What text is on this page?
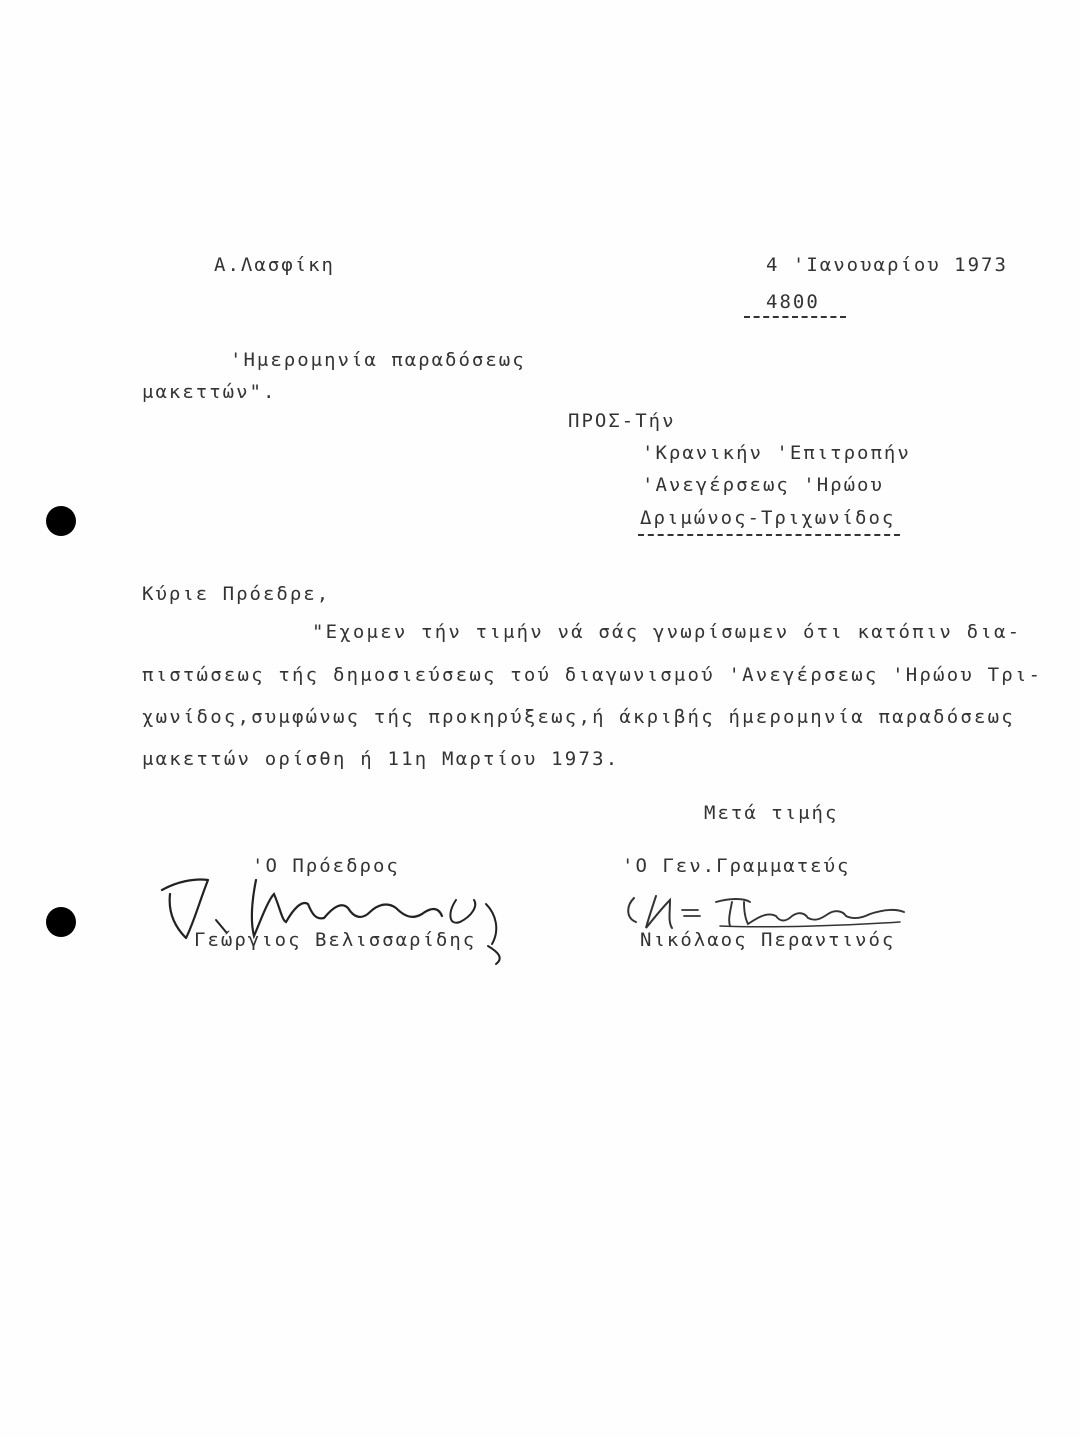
Α.Λασφίκη	4 'Ιανουαρίου 1973
4800
'Ημερομηνία παραδόσεως
μακεττών".
ΠΡΟΣ-Τήν
'Κρανικήν 'Επιτροπήν
'Ανεγέρσεως 'Ηρώου
Δριμώνος-Τριχωνίδος
Κύριε Πρόεδρε,
"Εχομεν τήν τιμήν νά σάς γνωρίσωμεν ότι κατόπιν δια-
πιστώσεως τής δημοσιεύσεως τού διαγωνισμού 'Ανεγέρσεως 'Ηρώου Τρι-
χωνίδος,συμφώνως τής προκηρύξεως,ή άκριβής ήμερομηνία παραδόσεως
μακεττών ορίσθη ή 11η Μαρτίου 1973.
Μετά τιμής
'Ο Πρόεδρος	'Ο Γεν.Γραμματεύς
Γεώργιος Βελισσαρίδης	Νικόλαος Περαντινός
